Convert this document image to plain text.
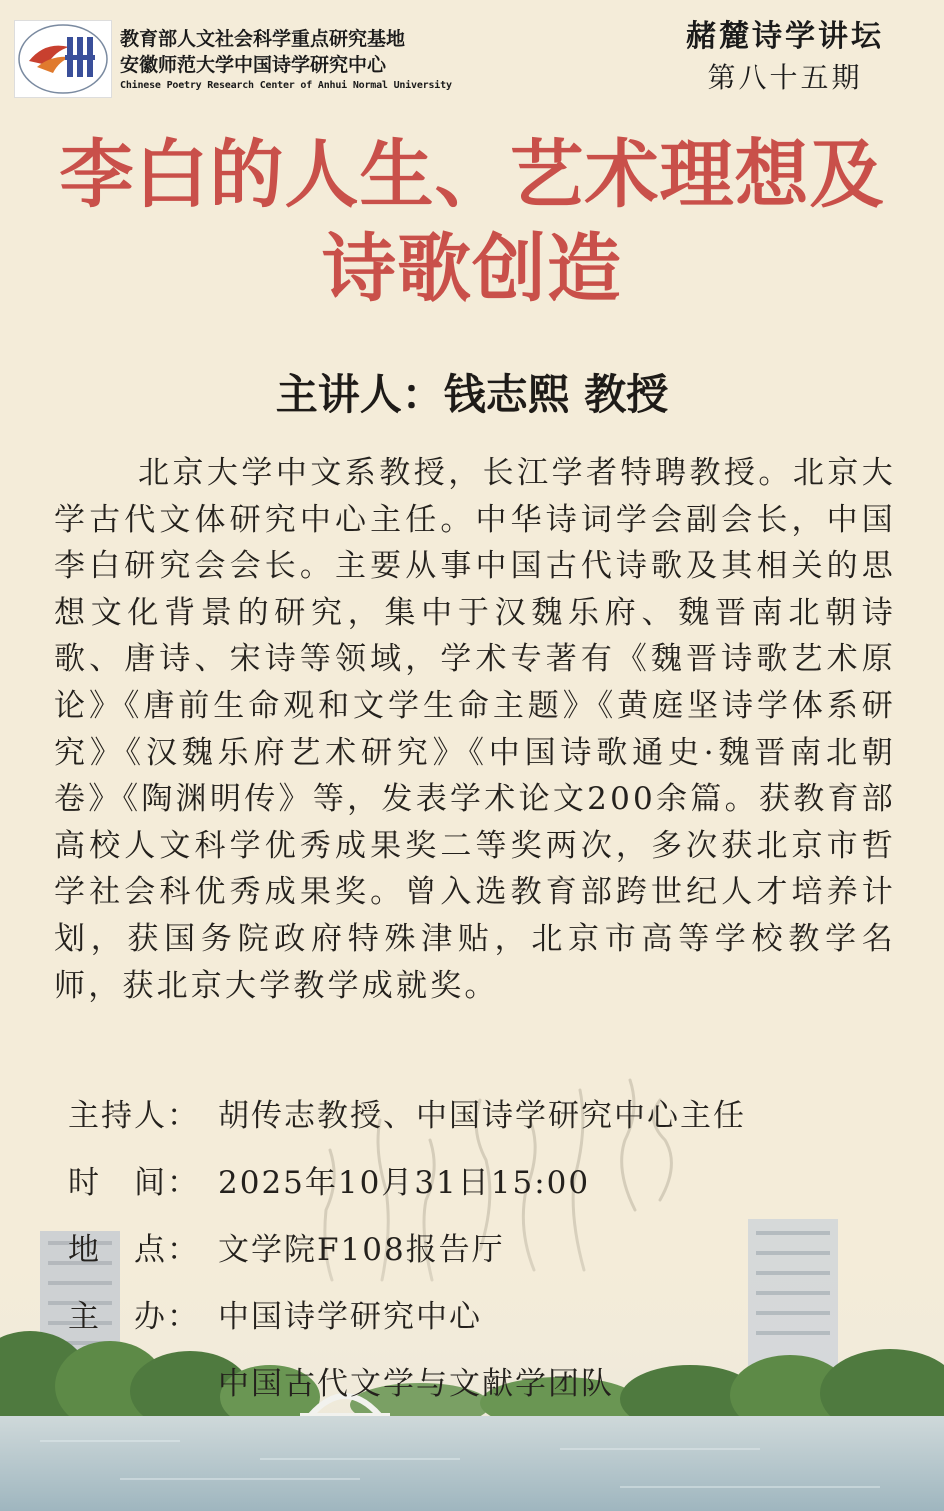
教育部人文社会科学重点研究基地
安徽师范大学中国诗学研究中心
Chinese Poetry Research Center of Anhui Normal University
赭麓诗学讲坛
第八十五期
李白的人生、艺术理想及
诗歌创造
主讲人：钱志熙 教授
北京大学中文系教授，长江学者特聘教授。北京大学古代文体研究中心主任。中华诗词学会副会长，中国李白研究会会长。主要从事中国古代诗歌及其相关的思想文化背景的研究，集中于汉魏乐府、魏晋南北朝诗歌、唐诗、宋诗等领域，学术专著有《魏晋诗歌艺术原论》《唐前生命观和文学生命主题》《黄庭坚诗学体系研究》《汉魏乐府艺术研究》《中国诗歌通史·魏晋南北朝卷》《陶渊明传》等，发表学术论文200余篇。获教育部高校人文科学优秀成果奖二等奖两次，多次获北京市哲学社会科优秀成果奖。曾入选教育部跨世纪人才培养计划，获国务院政府特殊津贴，北京市高等学校教学名师，获北京大学教学成就奖。
主持人： 胡传志教授、中国诗学研究中心主任
时　间： 2025年10月31日15:00
地　点： 文学院F108报告厅
主　办： 中国诗学研究中心
中国古代文学与文献学团队
